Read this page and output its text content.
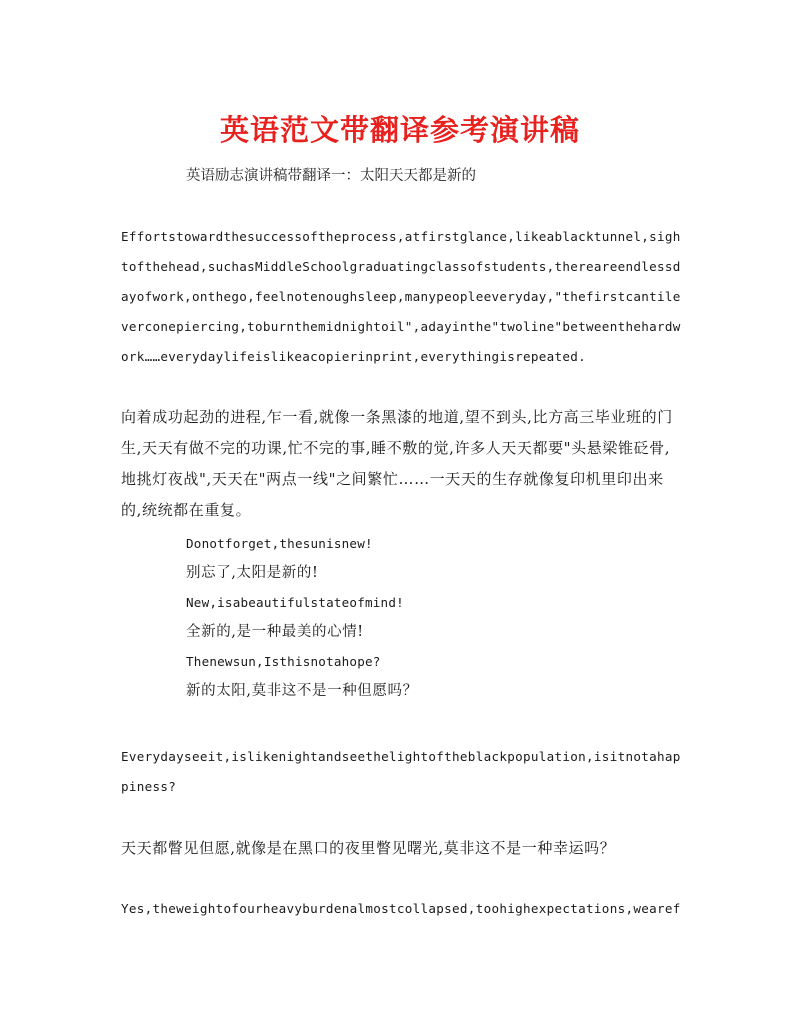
英语范文带翻译参考演讲稿
英语励志演讲稿带翻译一：太阳天天都是新的
Effortstowardthesuccessoftheprocess,atfirstglance,likeablacktunnel,sightofthehead,suchasMiddleSchoolgraduatingclassofstudents,thereareendlessdayofwork,onthego,feelnotenoughsleep,manypeopleeveryday,"thefirstcantileverconepiercing,toburnthemidnightoil",adayinthe"twoline"betweenthehardwork……everydaylifeislikeacopierinprint,everythingisrepeated.
向着成功起劲的进程,乍一看,就像一条黑漆的地道,望不到头,比方高三毕业班的门生,天天有做不完的功课,忙不完的事,睡不敷的觉,许多人天天都要"头悬梁锥砭骨,地挑灯夜战",天天在"两点一线"之间繁忙……一天天的生存就像复印机里印出来的,统统都在重复。
Donotforget,thesunisnew!
别忘了,太阳是新的!
New,isabeautifulstateofmind!
全新的,是一种最美的心情!
Thenewsun,Isthisnotahope?
新的太阳,莫非这不是一种但愿吗？
Everydayseeit,islikenightandseethelightoftheblackpopulation,isitnotahappiness?
天天都瞥见但愿,就像是在黑口的夜里瞥见曙光,莫非这不是一种幸运吗？
Yes,theweightofourheavyburdenalmostcollapsed,toohighexpectations,wearef
